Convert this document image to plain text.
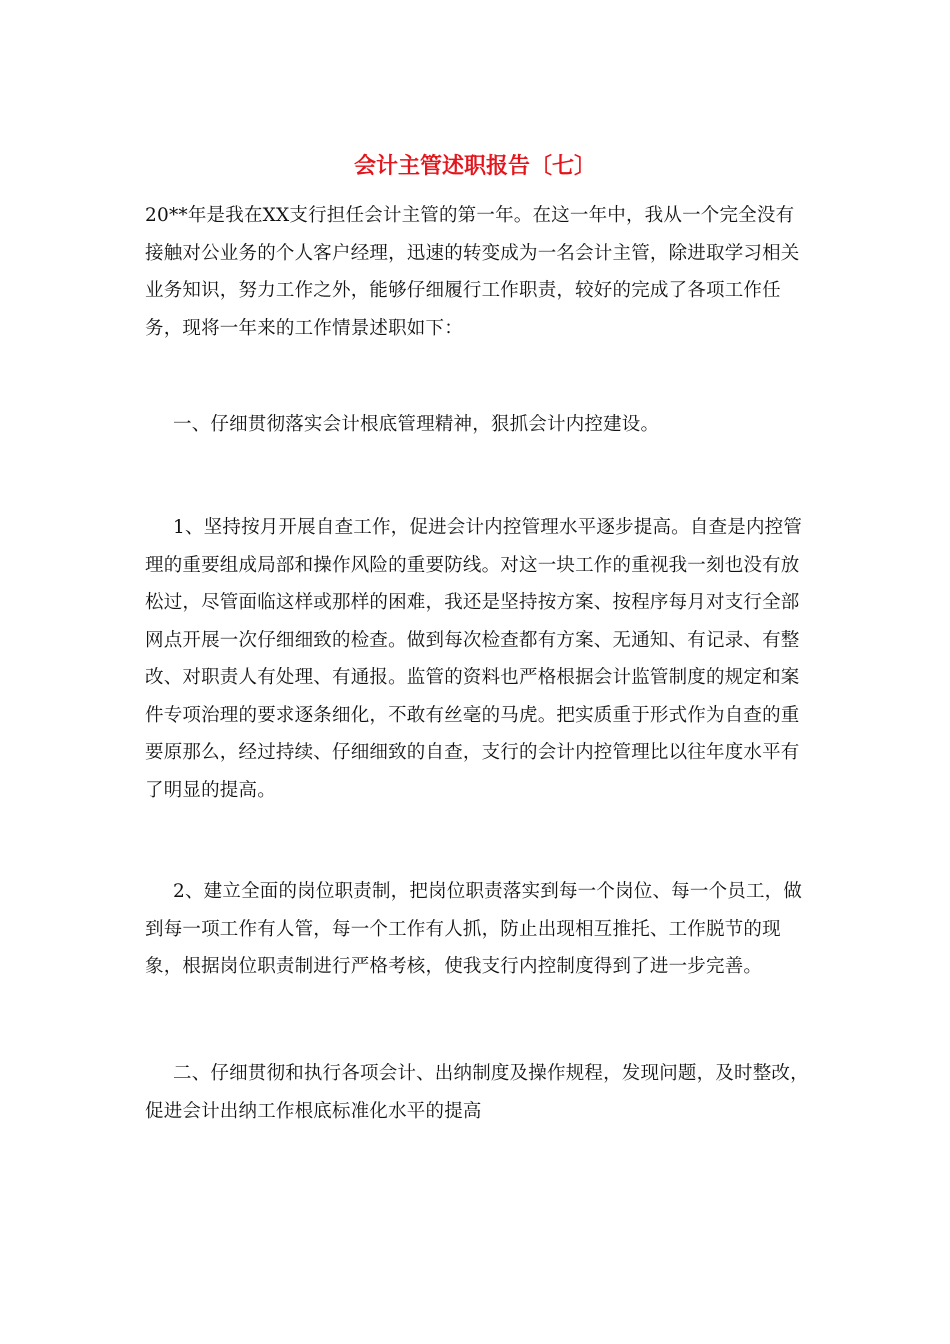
会计主管述职报告〔七〕

20**年是我在XX支行担任会计主管的第一年。在这一年中，我从一个完全没有接触对公业务的个人客户经理，迅速的转变成为一名会计主管，除进取学习相关业务知识，努力工作之外，能够仔细履行工作职责，较好的完成了各项工作任务，现将一年来的工作情景述职如下：

一、仔细贯彻落实会计根底管理精神，狠抓会计内控建设。

1、坚持按月开展自查工作，促进会计内控管理水平逐步提高。自查是内控管理的重要组成局部和操作风险的重要防线。对这一块工作的重视我一刻也没有放松过，尽管面临这样或那样的困难，我还是坚持按方案、按程序每月对支行全部网点开展一次仔细细致的检查。做到每次检查都有方案、无通知、有记录、有整改、对职责人有处理、有通报。监管的资料也严格根据会计监管制度的规定和案件专项治理的要求逐条细化，不敢有丝毫的马虎。把实质重于形式作为自查的重要原那么，经过持续、仔细细致的自查，支行的会计内控管理比以往年度水平有了明显的提高。

2、建立全面的岗位职责制，把岗位职责落实到每一个岗位、每一个员工，做到每一项工作有人管，每一个工作有人抓，防止出现相互推托、工作脱节的现象，根据岗位职责制进行严格考核，使我支行内控制度得到了进一步完善。

二、仔细贯彻和执行各项会计、出纳制度及操作规程，发现问题，及时整改，促进会计出纳工作根底标准化水平的提高
